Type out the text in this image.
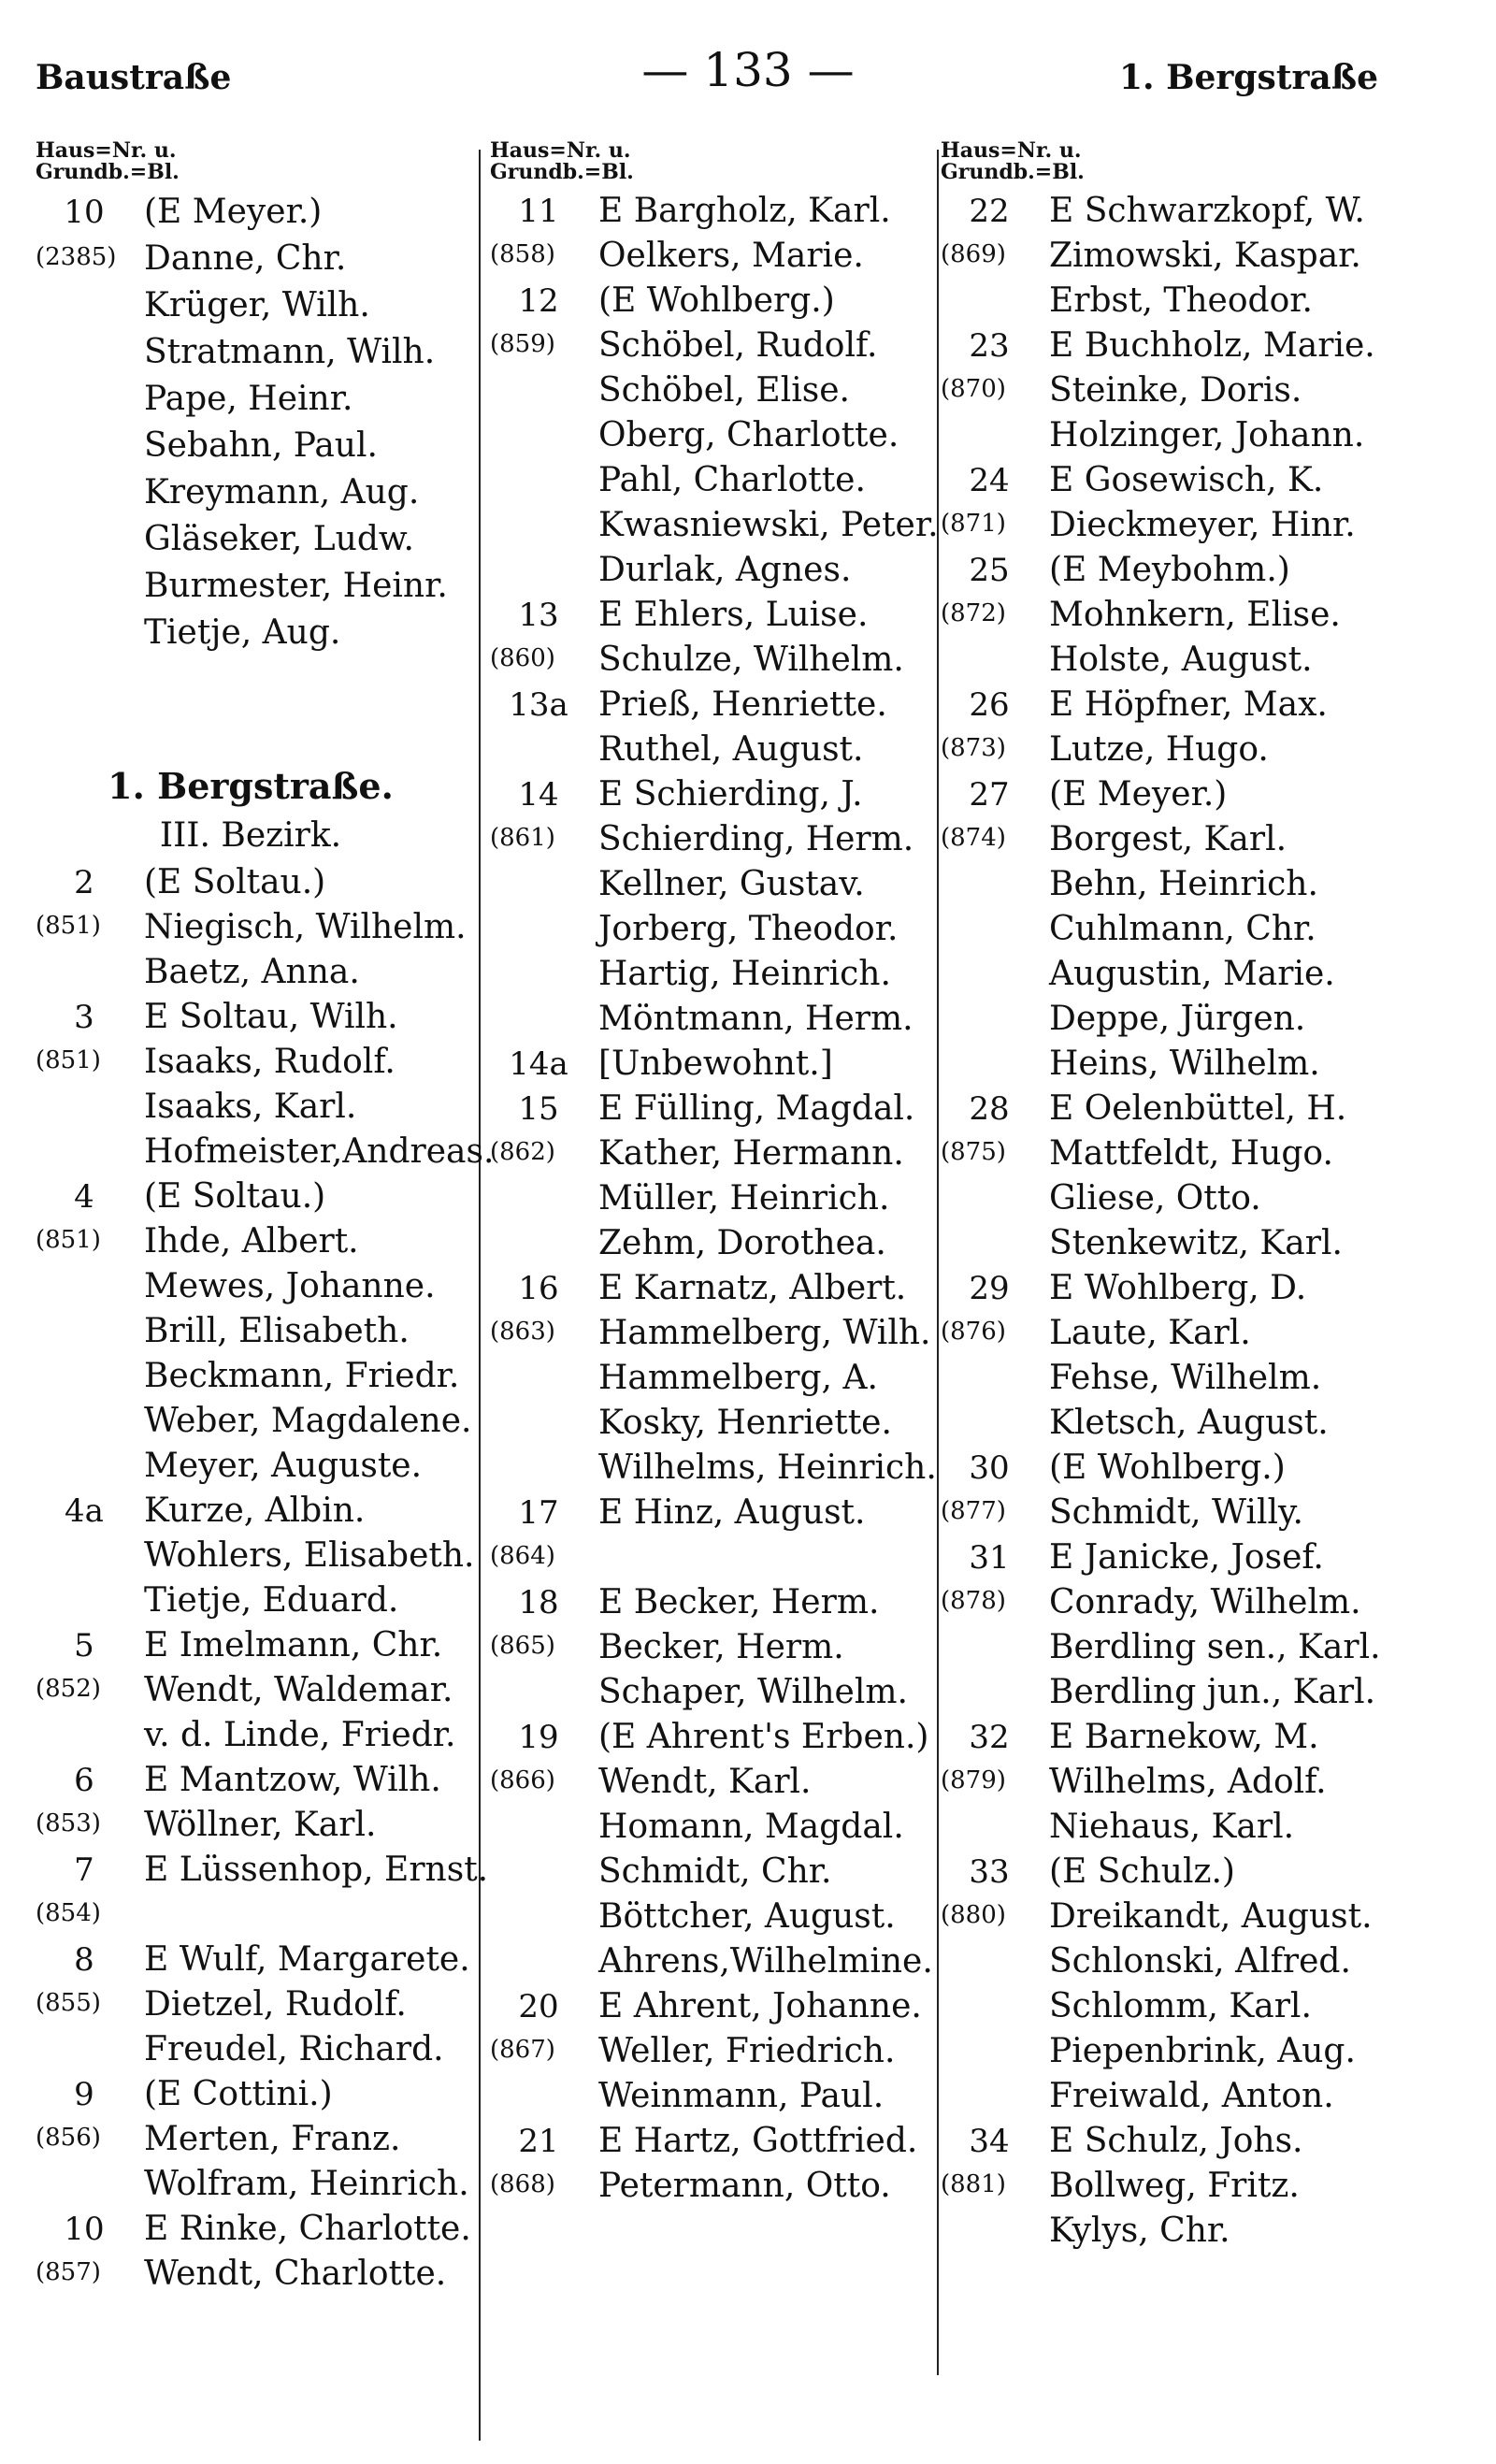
Baustraße	— 133 —	1. Bergstraße
Haus=Nr. u.
Grundb.=Bl.
10	(E Meyer.)
(2385) Danne, Chr.
Krüger, Wilh.
Stratmann, Wilh.
Pape, Heinr.
Sebahn, Paul.
Kreymann, Aug.
Gläseker, Ludw.
Burmester, Heinr.
Tietje, Aug.
1. Bergstraße.
III. Bezirk.
2	(E Soltau.)
(851)	Niegisch, Wilhelm.
Baetz, Anna.
3	E Soltau, Wilh.
(851)	Isaaks, Rudolf.
Isaaks, Karl.
Hofmeister,Andreas.
4	(E Soltau.)
(851)	Ihde, Albert.
Mewes, Johanne.
Brill, Elisabeth.
Beckmann, Friedr.
Weber, Magdalene.
Meyer, Auguste.
4a	Kurze, Albin.
Wohlers, Elisabeth.
Tietje, Eduard.
5	E Imelmann, Chr.
(852)	Wendt, Waldemar.
v. d. Linde, Friedr.
6	E Mantzow, Wilh.
(853)	Wöllner, Karl.
7	E Lüssenhop, Ernst.
(854)
8	E Wulf, Margarete.
(855)	Dietzel, Rudolf.
Freudel, Richard.
9	(E Cottini.)
(856)	Merten, Franz.
Wolfram, Heinrich.
10	E Rinke, Charlotte.
(857)	Wendt, Charlotte.
Haus=Nr. u.
Grundb.=Bl.
11	E Bargholz, Karl.
(858)	Oelkers, Marie.
12	(E Wohlberg.)
(859)	Schöbel, Rudolf.
Schöbel, Elise.
Oberg, Charlotte.
Pahl, Charlotte.
Kwasniewski, Peter.
Durlak, Agnes.
13	E Ehlers, Luise.
(860)	Schulze, Wilhelm.
13a Prieß, Henriette.
Ruthel, August.
14	E Schierding, J.
(861)	Schierding, Herm.
Kellner, Gustav.
Jorberg, Theodor.
Hartig, Heinrich.
Möntmann, Herm.
14a [Unbewohnt.]
15	E Fülling, Magdal.
(862)	Kather, Hermann.
Müller, Heinrich.
Zehm, Dorothea.
16	E Karnatz, Albert.
(863)	Hammelberg, Wilh.
Hammelberg, A.
Kosky, Henriette.
Wilhelms, Heinrich.
17	E Hinz, August.
(864)
18	E Becker, Herm.
(865)	Becker, Herm.
Schaper, Wilhelm.
19	(E Ahrent's Erben.)
(866)	Wendt, Karl.
Homann, Magdal.
Schmidt, Chr.
Böttcher, August.
Ahrens,Wilhelmine.
20	E Ahrent, Johanne.
(867)	Weller, Friedrich.
Weinmann, Paul.
21	E Hartz, Gottfried.
(868)	Petermann, Otto.
Haus=Nr. u.
Grundb.=Bl.
22	E Schwarzkopf, W.
(869)	Zimowski, Kaspar.
Erbst, Theodor.
23	E Buchholz, Marie.
(870)	Steinke, Doris.
Holzinger, Johann.
24	E Gosewisch, K.
(871)	Dieckmeyer, Hinr.
25	(E Meybohm.)
(872)	Mohnkern, Elise.
Holste, August.
26	E Höpfner, Max.
(873)	Lutze, Hugo.
27	(E Meyer.)
(874)	Borgest, Karl.
Behn, Heinrich.
Cuhlmann, Chr.
Augustin, Marie.
Deppe, Jürgen.
Heins, Wilhelm.
28	E Oelenbüttel, H.
(875)	Mattfeldt, Hugo.
Gliese, Otto.
Stenkewitz, Karl.
29	E Wohlberg, D.
(876)	Laute, Karl.
Fehse, Wilhelm.
Kletsch, August.
30	(E Wohlberg.)
(877)	Schmidt, Willy.
31	E Janicke, Josef.
(878)	Conrady, Wilhelm.
Berdling sen., Karl.
Berdling jun., Karl.
32	E Barnekow, M.
(879)	Wilhelms, Adolf.
Niehaus, Karl.
33	(E Schulz.)
(880)	Dreikandt, August.
Schlonski, Alfred.
Schlomm, Karl.
Piepenbrink, Aug.
Freiwald, Anton.
34	E Schulz, Johs.
(881)	Bollweg, Fritz.
Kylys, Chr.
